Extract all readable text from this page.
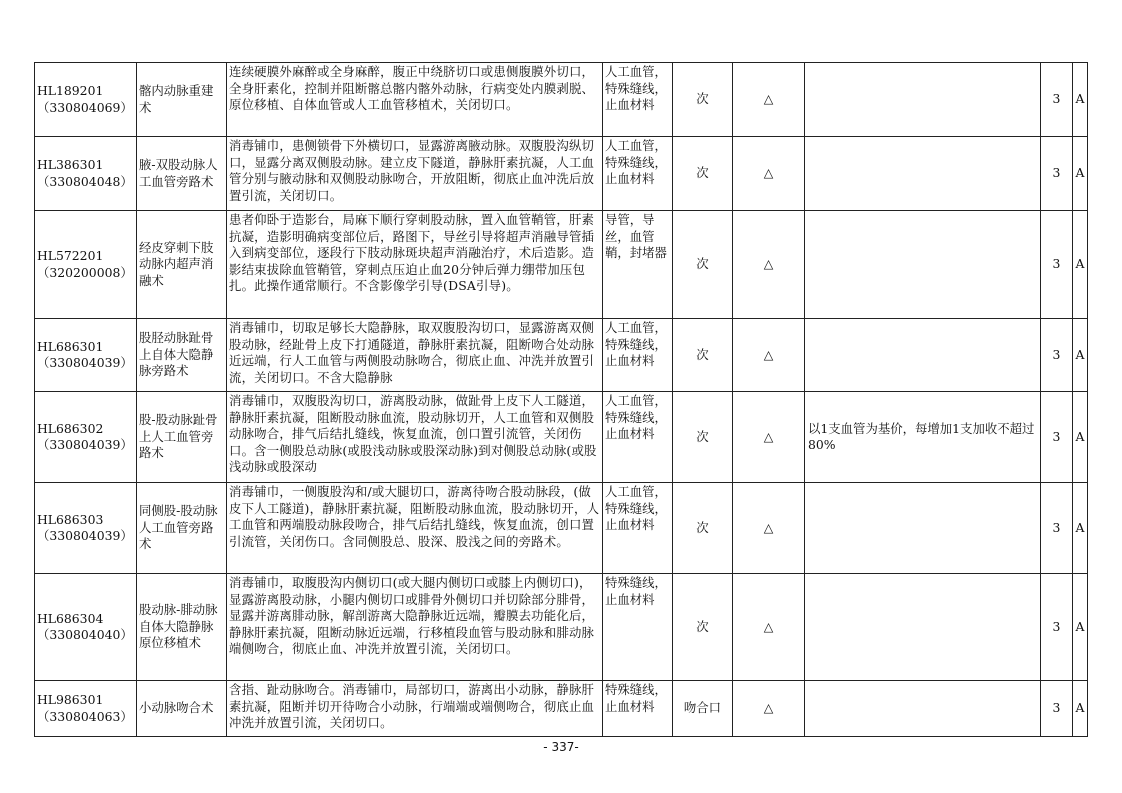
HL189201
（330804069）	髂内动脉重建术	连续硬膜外麻醉或全身麻醉，腹正中绕脐切口或患侧腹膜外切口，全身肝素化，控制并阻断髂总髂内髂外动脉，行病变处内膜剥脱、原位移植、自体血管或人工血管移植术，关闭切口。	人工血管，特殊缝线，止血材料	次	△		3	A
HL386301
（330804048）	腋-双股动脉人工血管旁路术	消毒铺巾，患侧锁骨下外横切口，显露游离腋动脉。双腹股沟纵切口，显露分离双侧股动脉。建立皮下隧道，静脉肝素抗凝，人工血管分别与腋动脉和双侧股动脉吻合，开放阻断，彻底止血冲洗后放置引流，关闭切口。	人工血管，特殊缝线，止血材料	次	△		3	A
HL572201
（320200008）	经皮穿刺下肢动脉内超声消融术	患者仰卧于造影台，局麻下顺行穿刺股动脉，置入血管鞘管，肝素抗凝，造影明确病变部位后，路图下，导丝引导将超声消融导管插入到病变部位，逐段行下肢动脉斑块超声消融治疗，术后造影。造影结束拔除血管鞘管，穿刺点压迫止血20分钟后弹力绷带加压包扎。此操作通常顺行。不含影像学引导(DSA引导)。	导管，导丝，血管鞘，封堵器	次	△		3	A
HL686301
（330804039）	股胫动脉趾骨上自体大隐静脉旁路术	消毒铺巾，切取足够长大隐静脉，取双腹股沟切口，显露游离双侧股动脉，经趾骨上皮下打通隧道，静脉肝素抗凝，阻断吻合处动脉近远端，行人工血管与两侧股动脉吻合，彻底止血、冲洗并放置引流，关闭切口。不含大隐静脉	人工血管，特殊缝线，止血材料	次	△		3	A
HL686302
（330804039）	股-股动脉趾骨上人工血管旁路术	消毒铺巾，双腹股沟切口，游离股动脉，做趾骨上皮下人工隧道，静脉肝素抗凝，阻断股动脉血流，股动脉切开，人工血管和双侧股动脉吻合，排气后结扎缝线，恢复血流，创口置引流管，关闭伤口。含一侧股总动脉(或股浅动脉或股深动脉)到对侧股总动脉(或股浅动脉或股深动	人工血管，特殊缝线，止血材料	次	△	以1支血管为基价，每增加1支加收不超过80%	3	A
HL686303
（330804039）	同侧股-股动脉人工血管旁路术	消毒铺巾，一侧腹股沟和/或大腿切口，游离待吻合股动脉段，(做皮下人工隧道)，静脉肝素抗凝，阻断股动脉血流，股动脉切开，人工血管和两端股动脉段吻合，排气后结扎缝线，恢复血流，创口置引流管，关闭伤口。含同侧股总、股深、股浅之间的旁路术。	人工血管，特殊缝线，止血材料	次	△		3	A
HL686304
（330804040）	股动脉-腓动脉自体大隐静脉原位移植术	消毒铺巾，取腹股沟内侧切口(或大腿内侧切口或膝上内侧切口)，显露游离股动脉，小腿内侧切口或腓骨外侧切口并切除部分腓骨，显露并游离腓动脉，解剖游离大隐静脉近远端，瓣膜去功能化后，静脉肝素抗凝，阻断动脉近远端，行移植段血管与股动脉和腓动脉端侧吻合，彻底止血、冲洗并放置引流，关闭切口。	特殊缝线，止血材料	次	△		3	A
HL986301
（330804063）	小动脉吻合术	含指、趾动脉吻合。消毒铺巾，局部切口，游离出小动脉，静脉肝素抗凝，阻断并切开待吻合小动脉，行端端或端侧吻合，彻底止血冲洗并放置引流，关闭切口。	特殊缝线，止血材料	吻合口	△		3	A
- 337-
